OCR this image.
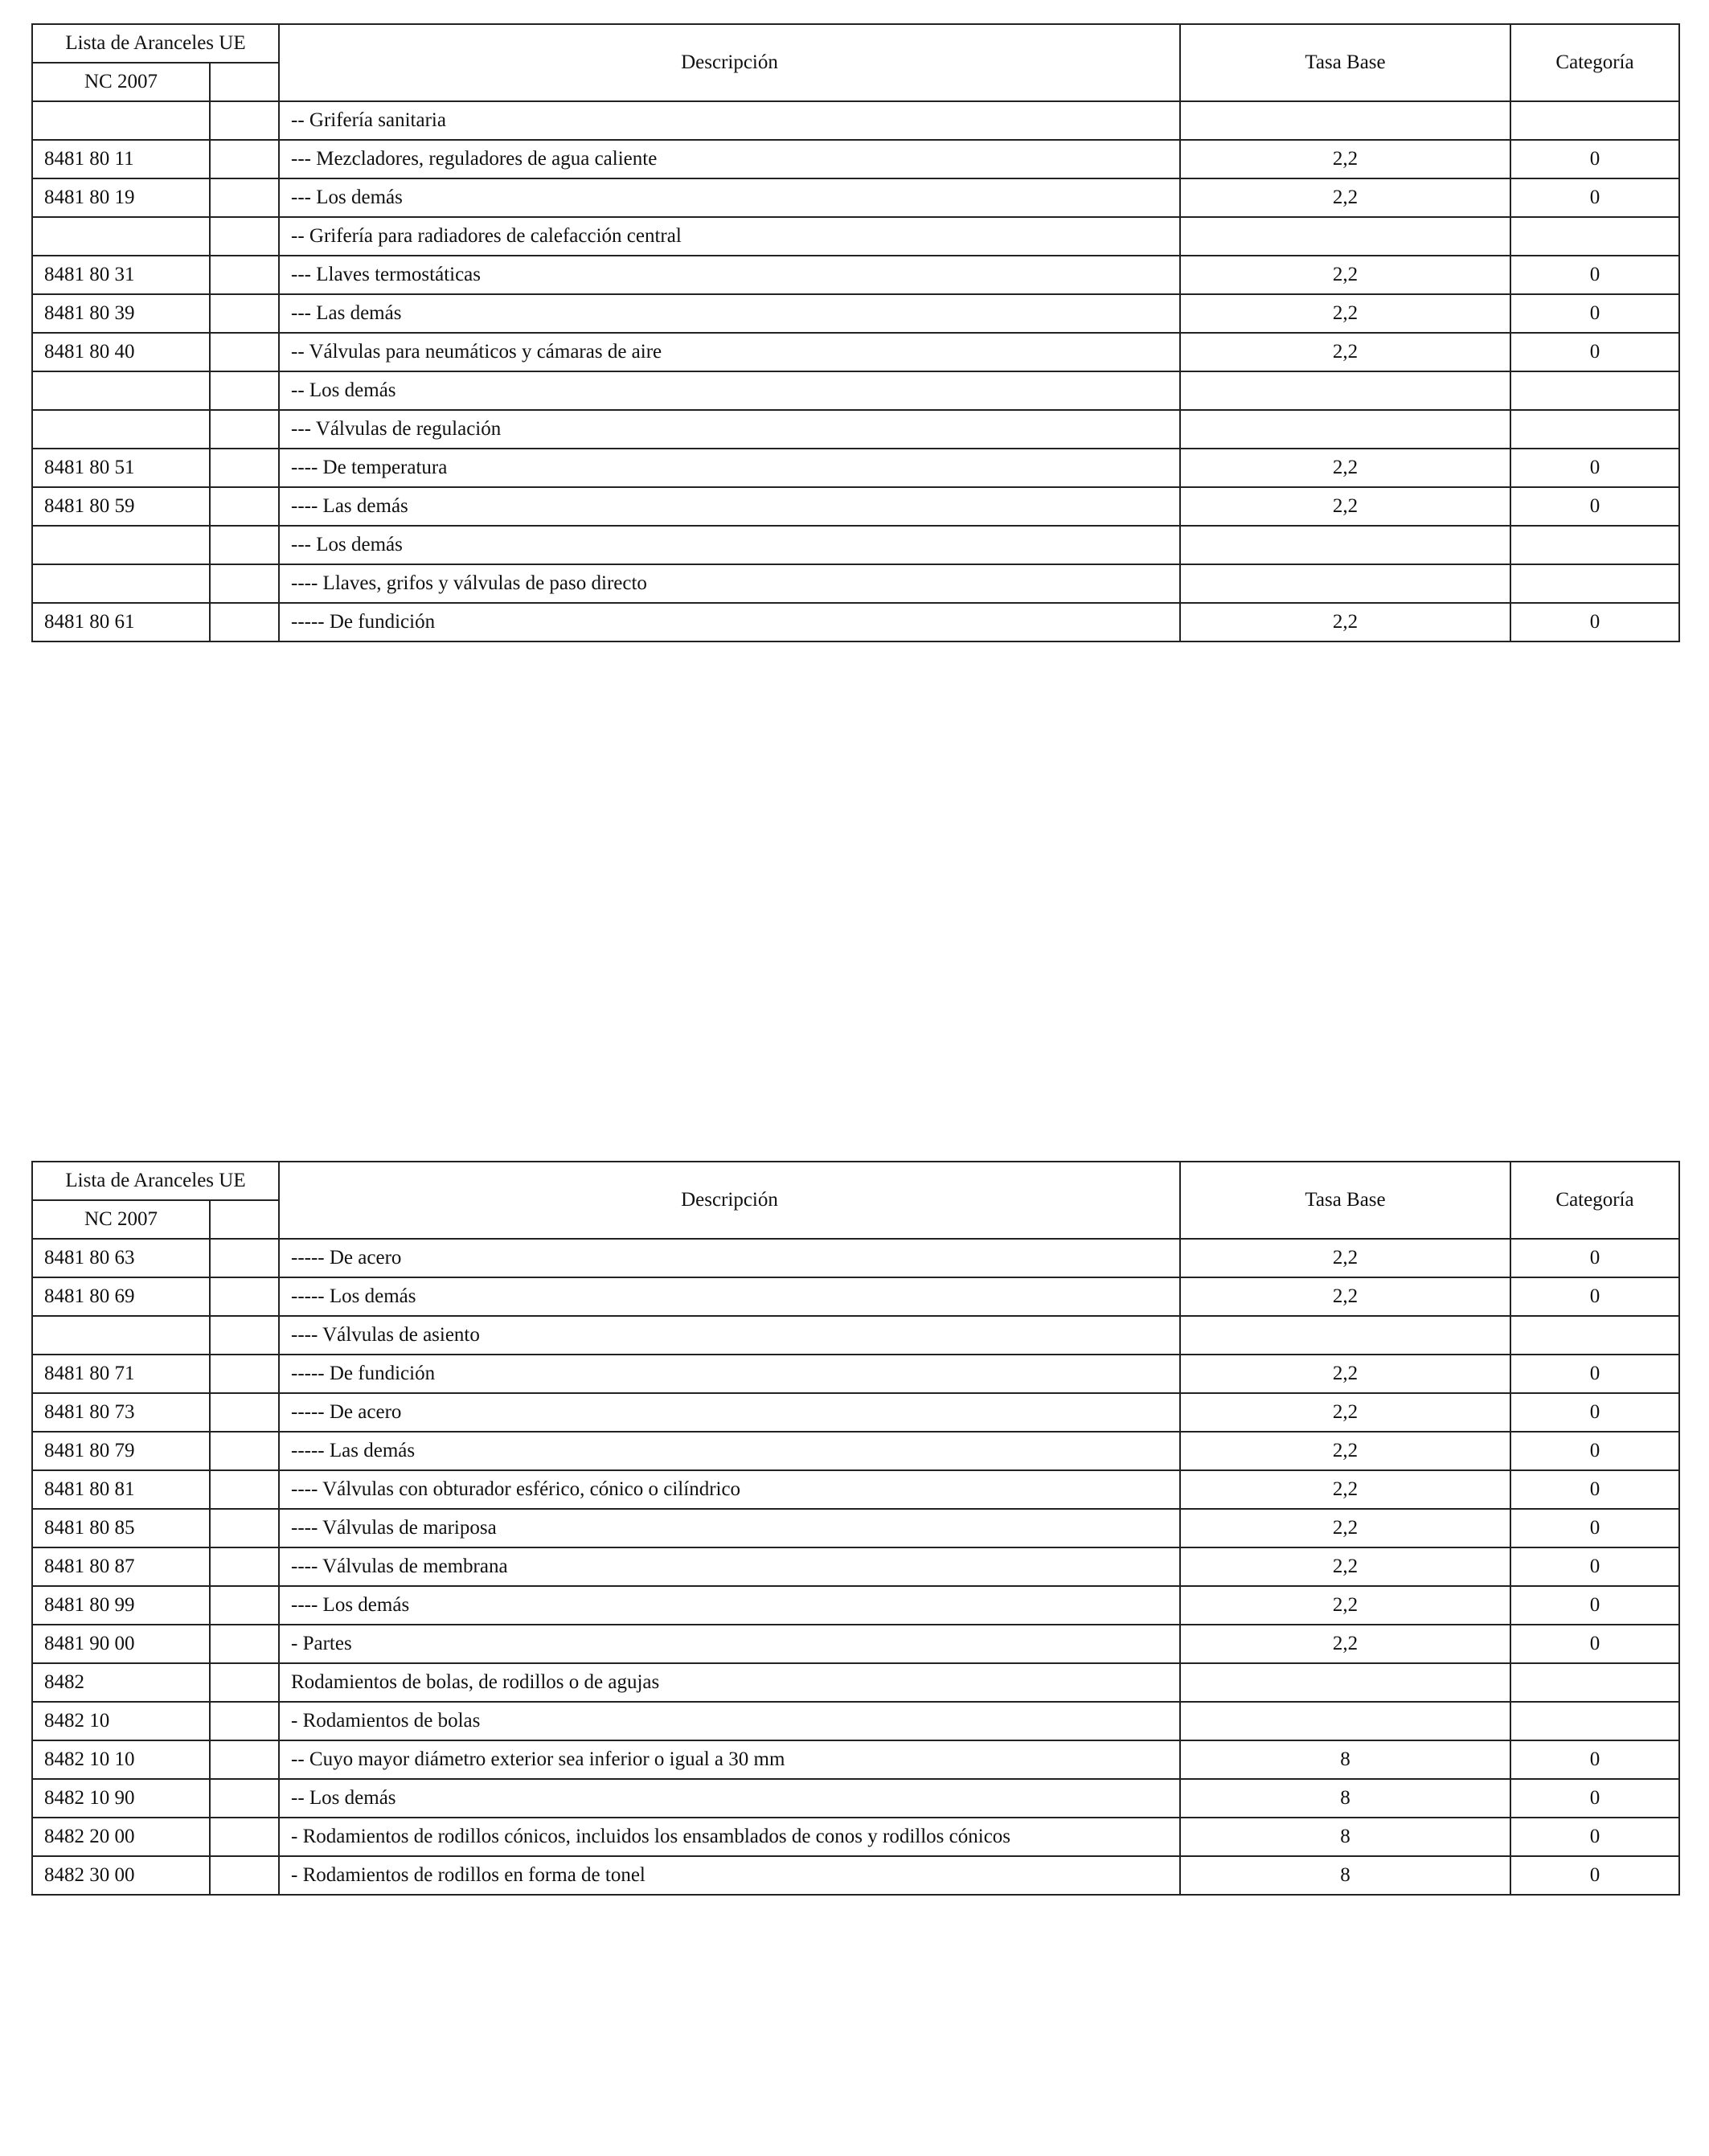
Lista de Aranceles UE		Descripción	Tasa Base	Categoría
NC 2007				
		-- Grifería sanitaria		
8481 80 11		--- Mezcladores, reguladores de agua caliente	2,2	0
8481 80 19		--- Los demás	2,2	0
		-- Grifería para radiadores de calefacción central		
8481 80 31		--- Llaves termostáticas	2,2	0
8481 80 39		--- Las demás	2,2	0
8481 80 40		-- Válvulas para neumáticos y cámaras de aire	2,2	0
		-- Los demás		
		--- Válvulas de regulación		
8481 80 51		---- De temperatura	2,2	0
8481 80 59		---- Las demás	2,2	0
		--- Los demás		
		---- Llaves, grifos y válvulas de paso directo		
8481 80 61		----- De fundición	2,2	0
Lista de Aranceles UE		Descripción	Tasa Base	Categoría
NC 2007				
8481 80 63		----- De acero	2,2	0
8481 80 69		----- Los demás	2,2	0
		---- Válvulas de asiento		
8481 80 71		----- De fundición	2,2	0
8481 80 73		----- De acero	2,2	0
8481 80 79		----- Las demás	2,2	0
8481 80 81		---- Válvulas con obturador esférico, cónico o cilíndrico	2,2	0
8481 80 85		---- Válvulas de mariposa	2,2	0
8481 80 87		---- Válvulas de membrana	2,2	0
8481 80 99		---- Los demás	2,2	0
8481 90 00		- Partes	2,2	0
8482		Rodamientos de bolas, de rodillos o de agujas		
8482 10		- Rodamientos de bolas		
8482 10 10		-- Cuyo mayor diámetro exterior sea inferior o igual a 30 mm	8	0
8482 10 90		-- Los demás	8	0
8482 20 00		- Rodamientos de rodillos cónicos, incluidos los ensamblados de conos y rodillos cónicos	8	0
8482 30 00		- Rodamientos de rodillos en forma de tonel	8	0
